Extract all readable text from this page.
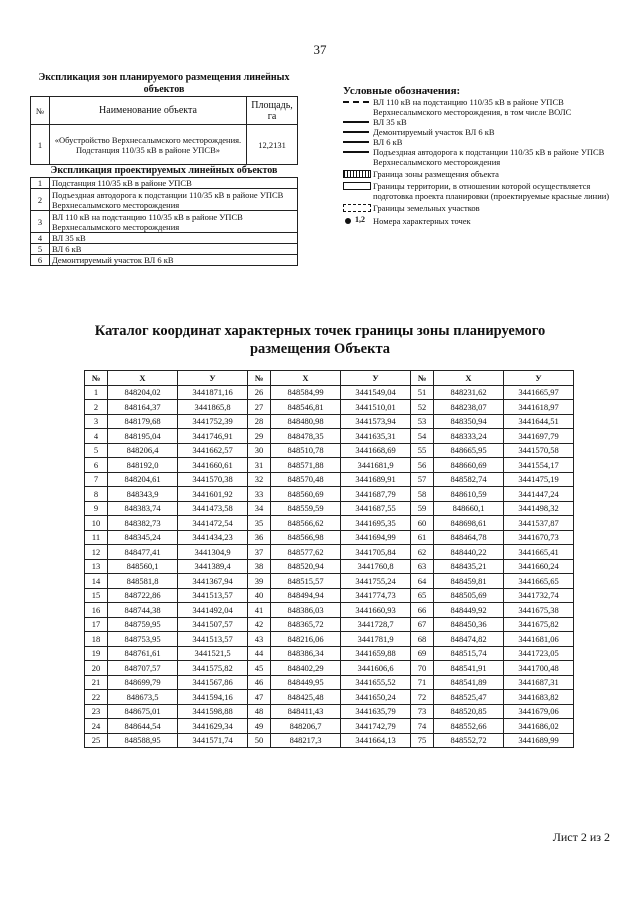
37
Экспликация зон планируемого размещения линейных объектов
№	Наименование объекта	Площадь, га
1	«Обустройство Верхнесалымского месторождения. Подстанция 110/35 кВ в районе УПСВ»	12,2131
Экспликация проектируемых линейных объектов
1	Подстанция 110/35 кВ в районе УПСВ
2	Подъездная автодорога к подстанции 110/35 кВ в районе УПСВ Верхнесалымского месторождения
3	ВЛ 110 кВ на подстанцию 110/35 кВ в районе УПСВ Верхнесалымского месторождения
4	ВЛ 35 кВ
5	ВЛ 6 кВ
6	Демонтируемый участок ВЛ 6 кВ
Условные обозначения:
ВЛ 110 кВ на подстанцию 110/35 кВ в районе УПСВ Верхнесалымского месторождения, в том числе ВОЛС
ВЛ 35 кВ
Демонтируемый участок ВЛ 6 кВ
ВЛ 6 кВ
Подъездная автодорога к подстанции 110/35 кВ в районе УПСВ Верхнесалымского месторождения
Граница зоны размещения объекта
Границы территории, в отношении которой осуществляется подготовка проекта планировки (проектируемые красные линии)
Границы земельных участков
1,2 Номера характерных точек
Каталог координат характерных точек границы зоны планируемого размещения Объекта
№	X	У	№	X	У	№	X	У
1	848204,02	3441871,16	26	848584,99	3441549,04	51	848231,62	3441665,97
2	848164,37	3441865,8	27	848546,81	3441510,01	52	848238,07	3441618,97
3	848179,68	3441752,39	28	848480,98	3441573,94	53	848350,94	3441644,51
4	848195,04	3441746,91	29	848478,35	3441635,31	54	848333,24	3441697,79
5	848206,4	3441662,57	30	848510,78	3441668,69	55	848665,95	3441570,58
6	848192,0	3441660,61	31	848571,88	3441681,9	56	848660,69	3441554,17
7	848204,61	3441570,38	32	848570,48	3441689,91	57	848582,74	3441475,19
8	848343,9	3441601,92	33	848560,69	3441687,79	58	848610,59	3441447,24
9	848383,74	3441473,58	34	848559,59	3441687,55	59	848660,1	3441498,32
10	848382,73	3441472,54	35	848566,62	3441695,35	60	848698,61	3441537,87
11	848345,24	3441434,23	36	848566,98	3441694,99	61	848464,78	3441670,73
12	848477,41	3441304,9	37	848577,62	3441705,84	62	848440,22	3441665,41
13	848560,1	3441389,4	38	848520,94	3441760,8	63	848435,21	3441660,24
14	848581,8	3441367,94	39	848515,57	3441755,24	64	848459,81	3441665,65
15	848722,86	3441513,57	40	848494,94	3441774,73	65	848505,69	3441732,74
16	848744,38	3441492,04	41	848386,03	3441660,93	66	848449,92	3441675,38
17	848759,95	3441507,57	42	848365,72	3441728,7	67	848450,36	3441675,82
18	848753,95	3441513,57	43	848216,06	3441781,9	68	848474,82	3441681,06
19	848761,61	3441521,5	44	848386,34	3441659,88	69	848515,74	3441723,05
20	848707,57	3441575,82	45	848402,29	3441606,6	70	848541,91	3441700,48
21	848699,79	3441567,86	46	848449,95	3441655,52	71	848541,89	3441687,31
22	848673,5	3441594,16	47	848425,48	3441650,24	72	848525,47	3441683,82
23	848675,01	3441598,88	48	848411,43	3441635,79	73	848520,85	3441679,06
24	848644,54	3441629,34	49	848206,7	3441742,79	74	848552,66	3441686,02
25	848588,95	3441571,74	50	848217,3	3441664,13	75	848552,72	3441689,99
Лист 2 из 2
